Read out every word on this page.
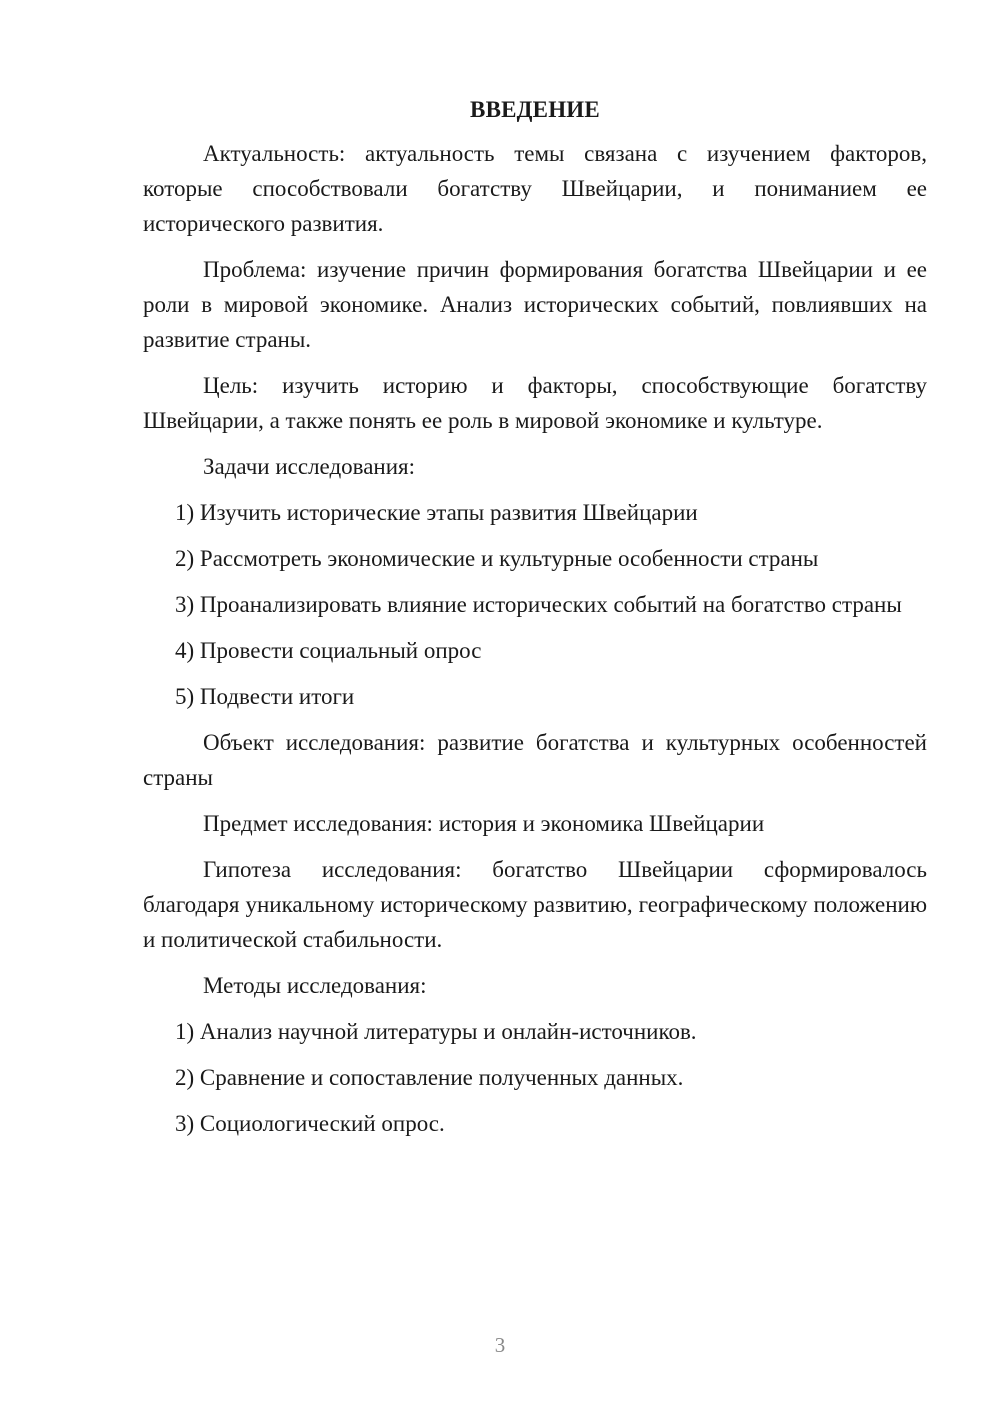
ВВЕДЕНИЕ

Актуальность: актуальность темы связана с изучением факторов, которые способствовали богатству Швейцарии, и пониманием ее исторического развития.

Проблема: изучение причин формирования богатства Швейцарии и ее роли в мировой экономике. Анализ исторических событий, повлиявших на развитие страны.

Цель: изучить историю и факторы, способствующие богатству Швейцарии, а также понять ее роль в мировой экономике и культуре.

Задачи исследования:

1) Изучить исторические этапы развития Швейцарии

2) Рассмотреть экономические и культурные особенности страны

3) Проанализировать влияние исторических событий на богатство страны

4) Провести социальный опрос

5) Подвести итоги

Объект исследования: развитие богатства и культурных особенностей страны

Предмет исследования: история и экономика Швейцарии

Гипотеза исследования: богатство Швейцарии сформировалось благодаря уникальному историческому развитию, географическому положению и политической стабильности.

Методы исследования:

1) Анализ научной литературы и онлайн-источников.

2) Сравнение и сопоставление полученных данных.

3) Социологический опрос.

3
